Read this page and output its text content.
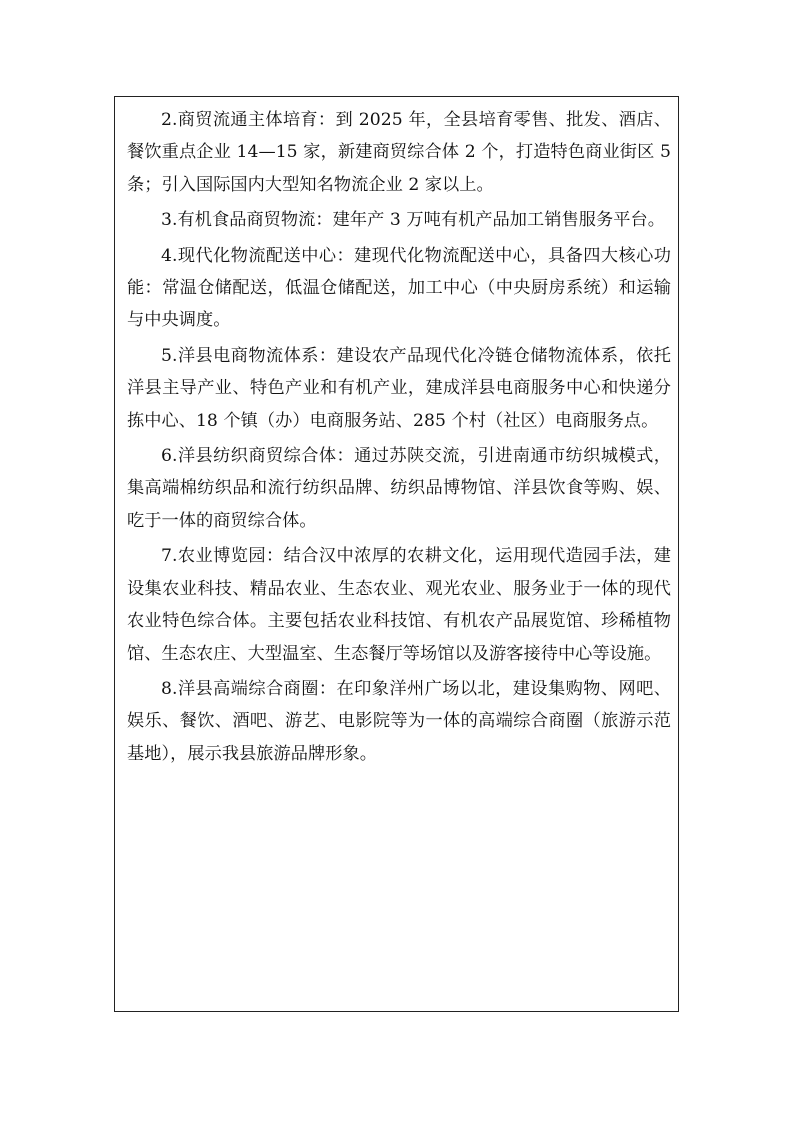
2.商贸流通主体培育：到 2025 年，全县培育零售、批发、酒店、餐饮重点企业 14—15 家，新建商贸综合体 2 个，打造特色商业街区 5 条；引入国际国内大型知名物流企业 2 家以上。

3.有机食品商贸物流：建年产 3 万吨有机产品加工销售服务平台。

4.现代化物流配送中心：建现代化物流配送中心，具备四大核心功能：常温仓储配送，低温仓储配送，加工中心（中央厨房系统）和运输与中央调度。

5.洋县电商物流体系：建设农产品现代化冷链仓储物流体系，依托洋县主导产业、特色产业和有机产业，建成洋县电商服务中心和快递分拣中心、18 个镇（办）电商服务站、285 个村（社区）电商服务点。

6.洋县纺织商贸综合体：通过苏陕交流，引进南通市纺织城模式，集高端棉纺织品和流行纺织品牌、纺织品博物馆、洋县饮食等购、娱、吃于一体的商贸综合体。

7.农业博览园：结合汉中浓厚的农耕文化，运用现代造园手法，建设集农业科技、精品农业、生态农业、观光农业、服务业于一体的现代农业特色综合体。主要包括农业科技馆、有机农产品展览馆、珍稀植物馆、生态农庄、大型温室、生态餐厅等场馆以及游客接待中心等设施。

8.洋县高端综合商圈：在印象洋州广场以北，建设集购物、网吧、娱乐、餐饮、酒吧、游艺、电影院等为一体的高端综合商圈（旅游示范基地），展示我县旅游品牌形象。
